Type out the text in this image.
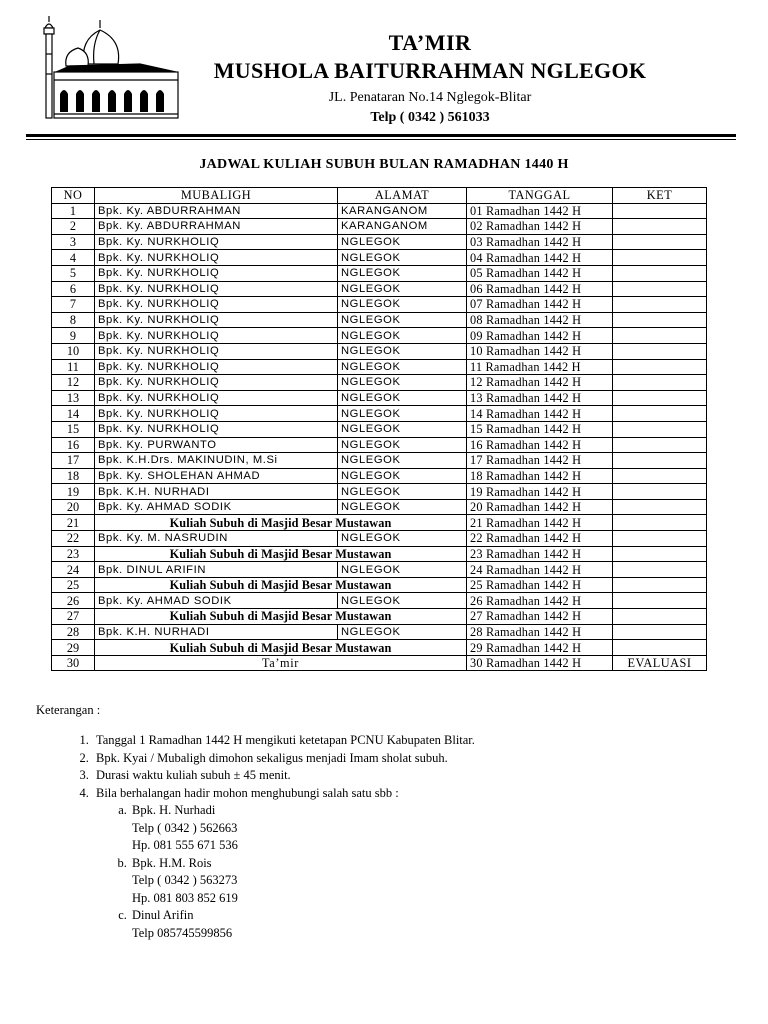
TA’MIR
MUSHOLA BAITURRAHMAN NGLEGOK
JL. Penataran No.14 Nglegok-Blitar
Telp ( 0342 ) 561033
JADWAL KULIAH SUBUH BULAN RAMADHAN 1440 H
NO	MUBALIGH	ALAMAT	TANGGAL	KET
1	Bpk. Ky. ABDURRAHMAN	KARANGANOM	01 Ramadhan 1442 H	
2	Bpk. Ky. ABDURRAHMAN	KARANGANOM	02 Ramadhan 1442 H	
3	Bpk. Ky. NURKHOLIQ	NGLEGOK	03 Ramadhan 1442 H	
4	Bpk. Ky. NURKHOLIQ	NGLEGOK	04 Ramadhan 1442 H	
5	Bpk. Ky. NURKHOLIQ	NGLEGOK	05 Ramadhan 1442 H	
6	Bpk. Ky. NURKHOLIQ	NGLEGOK	06 Ramadhan 1442 H	
7	Bpk. Ky. NURKHOLIQ	NGLEGOK	07 Ramadhan 1442 H	
8	Bpk. Ky. NURKHOLIQ	NGLEGOK	08 Ramadhan 1442 H	
9	Bpk. Ky. NURKHOLIQ	NGLEGOK	09 Ramadhan 1442 H	
10	Bpk. Ky. NURKHOLIQ	NGLEGOK	10 Ramadhan 1442 H	
11	Bpk. Ky. NURKHOLIQ	NGLEGOK	11 Ramadhan 1442 H	
12	Bpk. Ky. NURKHOLIQ	NGLEGOK	12 Ramadhan 1442 H	
13	Bpk. Ky. NURKHOLIQ	NGLEGOK	13 Ramadhan 1442 H	
14	Bpk. Ky. NURKHOLIQ	NGLEGOK	14 Ramadhan 1442 H	
15	Bpk. Ky. NURKHOLIQ	NGLEGOK	15 Ramadhan 1442 H	
16	Bpk. Ky. PURWANTO	NGLEGOK	16 Ramadhan 1442 H	
17	Bpk. K.H.Drs. MAKINUDIN, M.Si	NGLEGOK	17 Ramadhan 1442 H	
18	Bpk. Ky. SHOLEHAN AHMAD	NGLEGOK	18 Ramadhan 1442 H	
19	Bpk. K.H. NURHADI	NGLEGOK	19 Ramadhan 1442 H	
20	Bpk. Ky. AHMAD SODIK	NGLEGOK	20 Ramadhan 1442 H	
21	Kuliah Subuh di Masjid Besar Mustawan		21 Ramadhan 1442 H	
22	Bpk. Ky. M. NASRUDIN	NGLEGOK	22 Ramadhan 1442 H	
23	Kuliah Subuh di Masjid Besar Mustawan		23 Ramadhan 1442 H	
24	Bpk. DINUL ARIFIN	NGLEGOK	24 Ramadhan 1442 H	
25	Kuliah Subuh di Masjid Besar Mustawan		25 Ramadhan 1442 H	
26	Bpk. Ky. AHMAD SODIK	NGLEGOK	26 Ramadhan 1442 H	
27	Kuliah Subuh di Masjid Besar Mustawan		27 Ramadhan 1442 H	
28	Bpk. K.H. NURHADI	NGLEGOK	28 Ramadhan 1442 H	
29	Kuliah Subuh di Masjid Besar Mustawan		29 Ramadhan 1442 H	
30	Ta’mir		30 Ramadhan 1442 H	EVALUASI

Keterangan :

1. Tanggal 1 Ramadhan 1442 H mengikuti ketetapan PCNU Kabupaten Blitar.
2. Bpk. Kyai / Mubaligh dimohon sekaligus menjadi Imam sholat subuh.
3. Durasi waktu kuliah subuh ± 45 menit.
4. Bila berhalangan hadir mohon menghubungi salah satu sbb :
a. Bpk. H. Nurhadi
Telp ( 0342 ) 562663
Hp. 081 555 671 536
b. Bpk. H.M. Rois
Telp ( 0342 ) 563273
Hp. 081 803 852 619
c. Dinul Arifin
Telp 085745599856
